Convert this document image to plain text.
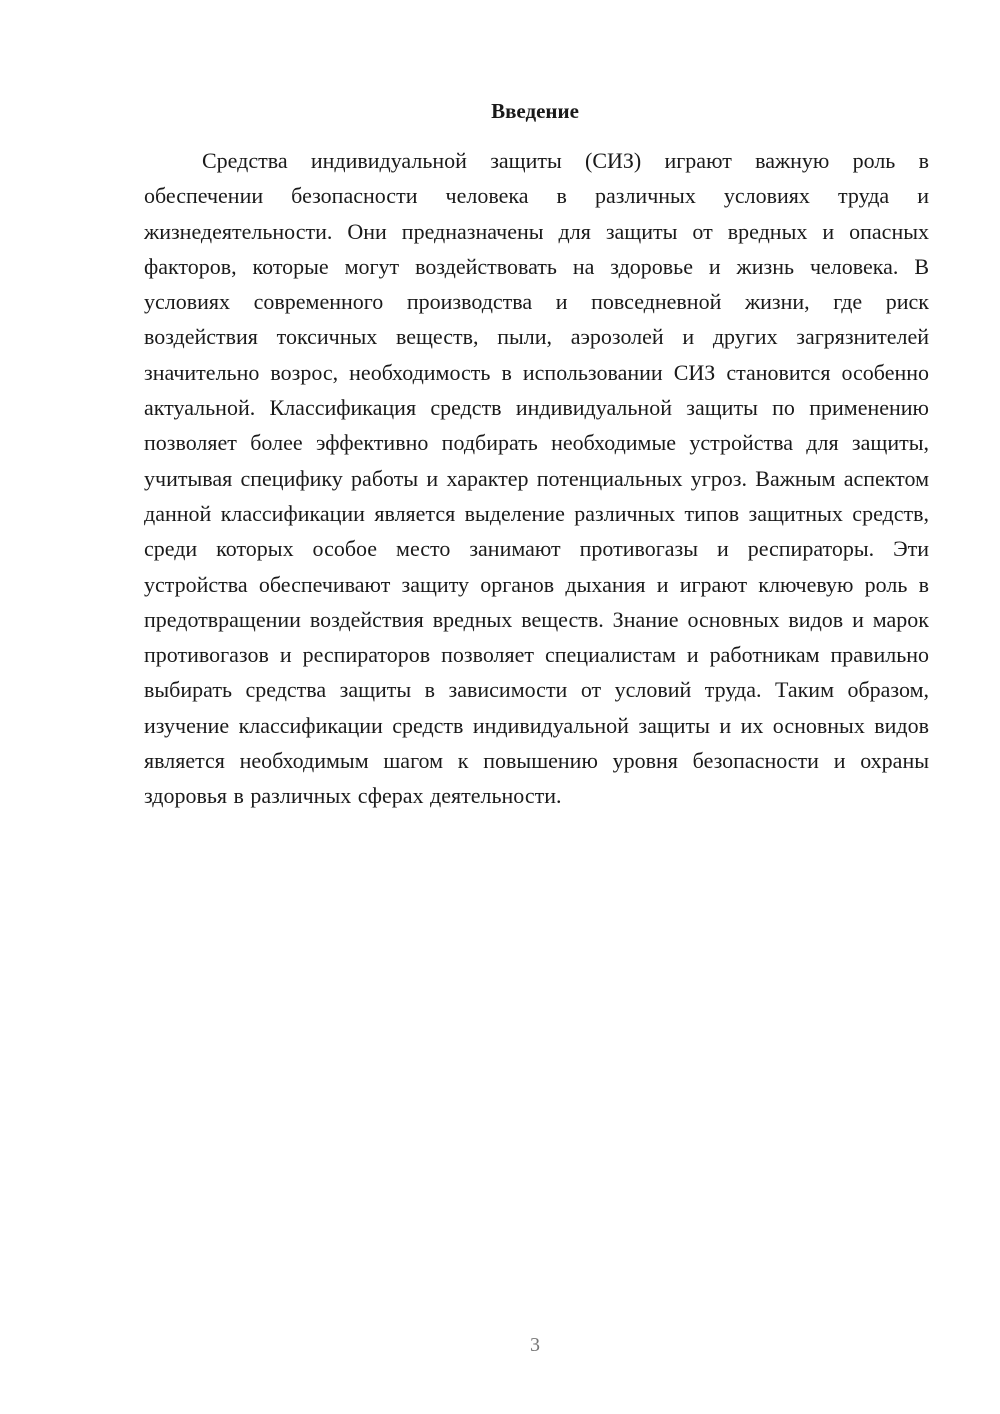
Введение

Средства индивидуальной защиты (СИЗ) играют важную роль в обеспечении безопасности человека в различных условиях труда и жизнедеятельности. Они предназначены для защиты от вредных и опасных факторов, которые могут воздействовать на здоровье и жизнь человека. В условиях современного производства и повседневной жизни, где риск воздействия токсичных веществ, пыли, аэрозолей и других загрязнителей значительно возрос, необходимость в использовании СИЗ становится особенно актуальной. Классификация средств индивидуальной защиты по применению позволяет более эффективно подбирать необходимые устройства для защиты, учитывая специфику работы и характер потенциальных угроз. Важным аспектом данной классификации является выделение различных типов защитных средств, среди которых особое место занимают противогазы и респираторы. Эти устройства обеспечивают защиту органов дыхания и играют ключевую роль в предотвращении воздействия вредных веществ. Знание основных видов и марок противогазов и респираторов позволяет специалистам и работникам правильно выбирать средства защиты в зависимости от условий труда. Таким образом, изучение классификации средств индивидуальной защиты и их основных видов является необходимым шагом к повышению уровня безопасности и охраны здоровья в различных сферах деятельности.

3
